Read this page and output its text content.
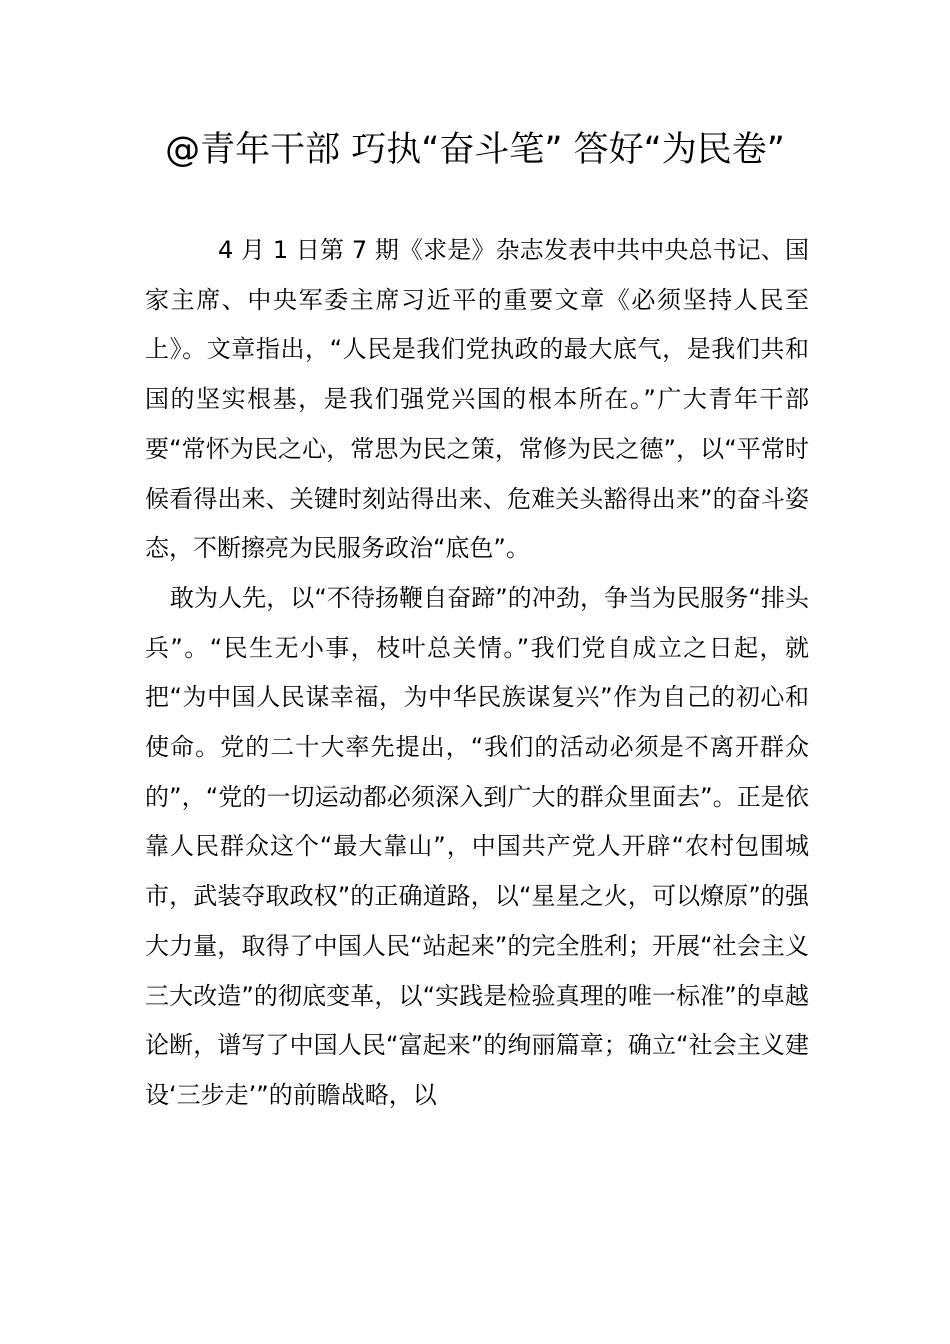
@青年干部 巧执“奋斗笔” 答好“为民卷”

4 月 1 日第 7 期《求是》杂志发表中共中央总书记、国家主席、中央军委主席习近平的重要文章《必须坚持人民至上》。文章指出，“人民是我们党执政的最大底气，是我们共和国的坚实根基，是我们强党兴国的根本所在。”广大青年干部要“常怀为民之心，常思为民之策，常修为民之德”，以“平常时候看得出来、关键时刻站得出来、危难关头豁得出来”的奋斗姿态，不断擦亮为民服务政治“底色”。

敢为人先，以“不待扬鞭自奋蹄”的冲劲，争当为民服务“排头兵”。“民生无小事，枝叶总关情。”我们党自成立之日起，就把“为中国人民谋幸福，为中华民族谋复兴”作为自己的初心和使命。党的二十大率先提出，“我们的活动必须是不离开群众的”，“党的一切运动都必须深入到广大的群众里面去”。正是依靠人民群众这个“最大靠山”，中国共产党人开辟“农村包围城市，武装夺取政权”的正确道路，以“星星之火，可以燎原”的强大力量，取得了中国人民“站起来”的完全胜利；开展“社会主义三大改造”的彻底变革，以“实践是检验真理的唯一标准”的卓越论断，谱写了中国人民“富起来”的绚丽篇章；确立“社会主义建设‘三步走’”的前瞻战略，以
